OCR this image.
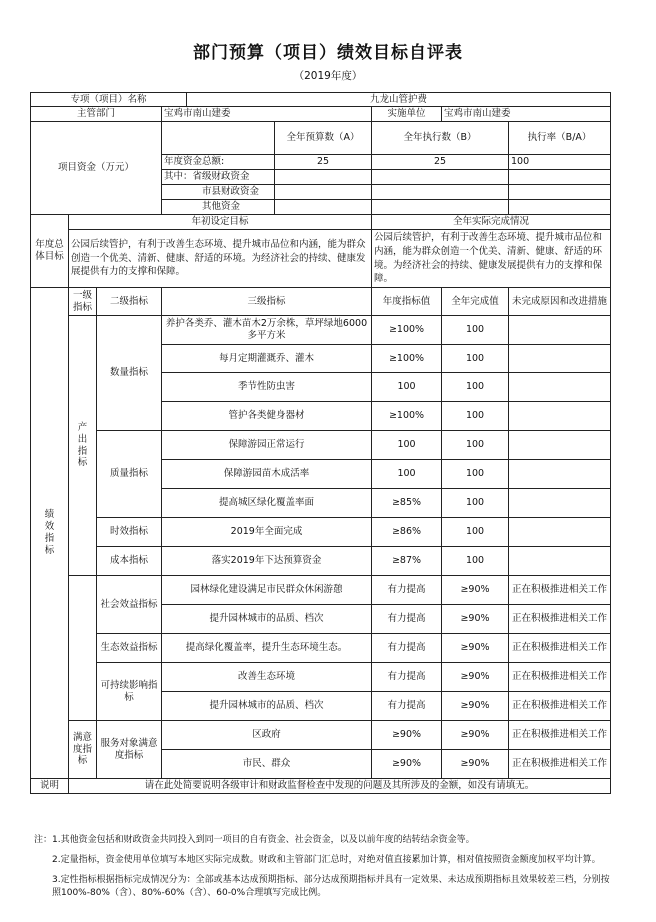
部门预算（项目）绩效目标自评表
（2019年度）
专项（项目）名称				九龙山管护费				
主管部门			宝鸡市南山建委			实施单位	宝鸡市南山建委	
项目资金（万元）					全年预算数（A）	全年执行数（B）		执行率（B/A）
			年度资金总额:		25	25		100
			其中：省级财政资金					
			市县财政资金					
			其他资金					
年度总体目标	年初设定目标					全年实际完成情况		
	公园后续管护，有利于改善生态环境、提升城市品位和内涵，能为群众创造一个优美、清新、健康、舒适的环境。为经济社会的持续、健康发展提供有力的支撑和保障。					公园后续管护，有利于改善生态环境、提升城市品位和内涵，能为群众创造一个优美、清新、健康、舒适的环境。为经济社会的持续、健康发展提供有力的支撑和保障。		
绩效指标	一级指标	二级指标	三级指标			年度指标值	全年完成值	未完成原因和改进措施
	产出指标	数量指标	养护各类乔、灌木苗木2万余株，草坪绿地6000多平方米			≥100%	100	
			每月定期灌溉乔、灌木			≥100%	100	
			季节性防虫害			100	100	
			管护各类健身器材			≥100%	100	
		质量指标	保障游园正常运行			100	100	
			保障游园苗木成活率			100	100	
			提高城区绿化覆盖率面			≥85%	100	
		时效指标	2019年全面完成			≥86%	100	
		成本指标	落实2019年下达预算资金			≥87%	100	
		社会效益指标	园林绿化建设满足市民群众休闲游憩			有力提高	≥90%	正在积极推进相关工作
			提升园林城市的品质、档次			有力提高	≥90%	正在积极推进相关工作
		生态效益指标	提高绿化覆盖率，提升生态环境生态。			有力提高	≥90%	正在积极推进相关工作
		可持续影响指标	改善生态环境			有力提高	≥90%	正在积极推进相关工作
			提升园林城市的品质、档次			有力提高	≥90%	正在积极推进相关工作
	满意度指标	服务对象满意度指标	区政府			≥90%	≥90%	正在积极推进相关工作
			市民、群众			≥90%	≥90%	正在积极推进相关工作
说明	请在此处简要说明各级审计和财政监督检查中发现的问题及其所涉及的金额，如没有请填无。							

注：1.其他资金包括和财政资金共同投入到同一项目的自有资金、社会资金，以及以前年度的结转结余资金等。

2.定量指标，资金使用单位填写本地区实际完成数。财政和主管部门汇总时，对绝对值直接累加计算，相对值按照资金额度加权平均计算。

3.定性指标根据指标完成情况分为：全部或基本达成预期指标、部分达成预期指标并具有一定效果、未达成预期指标且效果较差三档，分别按照100%-80%（含）、80%-60%（含）、60-0%合理填写完成比例。
